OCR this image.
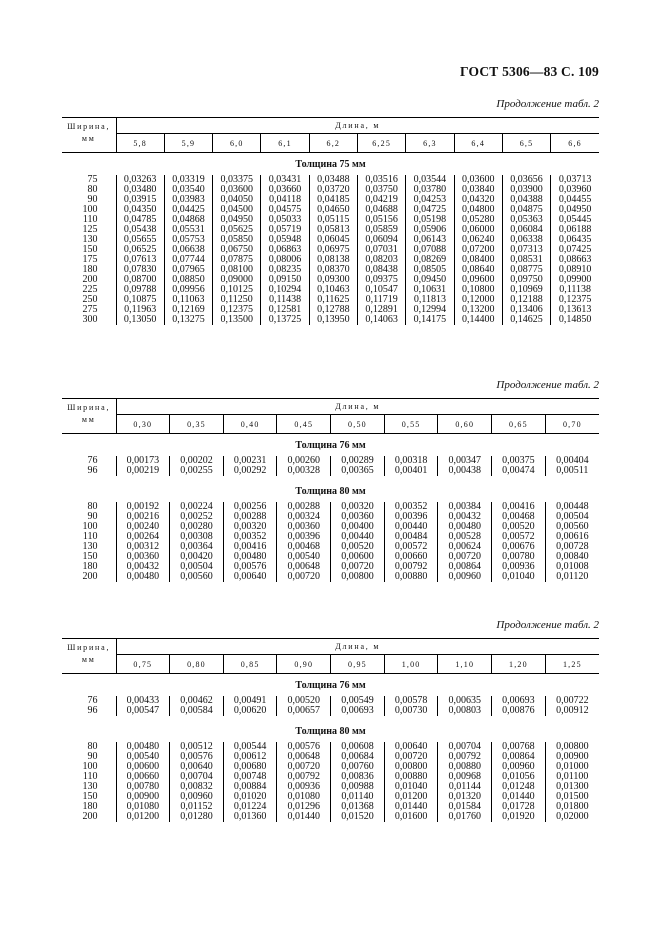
ГОСТ 5306—83 С. 109
Продолжение табл. 2
Ширина,
мм	Длина, м									
	5,8	5,9	6,0	6,1	6,2	6,25	6,3	6,4	6,5	6,6
Толщина 75 мм										
75	0,03263	0,03319	0,03375	0,03431	0,03488	0,03516	0,03544	0,03600	0,03656	0,03713
80	0,03480	0,03540	0,03600	0,03660	0,03720	0,03750	0,03780	0,03840	0,03900	0,03960
90	0,03915	0,03983	0,04050	0,04118	0,04185	0,04219	0,04253	0,04320	0,04388	0,04455
100	0,04350	0,04425	0,04500	0,04575	0,04650	0,04688	0,04725	0,04800	0,04875	0,04950
110	0,04785	0,04868	0,04950	0,05033	0,05115	0,05156	0,05198	0,05280	0,05363	0,05445
125	0,05438	0,05531	0,05625	0,05719	0,05813	0,05859	0,05906	0,06000	0,06084	0,06188
130	0,05655	0,05753	0,05850	0,05948	0,06045	0,06094	0,06143	0,06240	0,06338	0,06435
150	0,06525	0,06638	0,06750	0,06863	0,06975	0,07031	0,07088	0,07200	0,07313	0,07425
175	0,07613	0,07744	0,07875	0,08006	0,08138	0,08203	0,08269	0,08400	0,08531	0,08663
180	0,07830	0,07965	0,08100	0,08235	0,08370	0,08438	0,08505	0,08640	0,08775	0,08910
200	0,08700	0,08850	0,09000	0,09150	0,09300	0,09375	0,09450	0,09600	0,09750	0,09900
225	0,09788	0,09956	0,10125	0,10294	0,10463	0,10547	0,10631	0,10800	0,10969	0,11138
250	0,10875	0,11063	0,11250	0,11438	0,11625	0,11719	0,11813	0,12000	0,12188	0,12375
275	0,11963	0,12169	0,12375	0,12581	0,12788	0,12891	0,12994	0,13200	0,13406	0,13613
300	0,13050	0,13275	0,13500	0,13725	0,13950	0,14063	0,14175	0,14400	0,14625	0,14850
Продолжение табл. 2
Ширина,
мм	Длина, м								
	0,30	0,35	0,40	0,45	0,50	0,55	0,60	0,65	0,70
Толщина 76 мм									
76	0,00173	0,00202	0,00231	0,00260	0,00289	0,00318	0,00347	0,00375	0,00404
96	0,00219	0,00255	0,00292	0,00328	0,00365	0,00401	0,00438	0,00474	0,00511

Толщина 80 мм									
80	0,00192	0,00224	0,00256	0,00288	0,00320	0,00352	0,00384	0,00416	0,00448
90	0,00216	0,00252	0,00288	0,00324	0,00360	0,00396	0,00432	0,00468	0,00504
100	0,00240	0,00280	0,00320	0,00360	0,00400	0,00440	0,00480	0,00520	0,00560
110	0,00264	0,00308	0,00352	0,00396	0,00440	0,00484	0,00528	0,00572	0,00616
130	0,00312	0,00364	0,00416	0,00468	0,00520	0,00572	0,00624	0,00676	0,00728
150	0,00360	0,00420	0,00480	0,00540	0,00600	0,00660	0,00720	0,00780	0,00840
180	0,00432	0,00504	0,00576	0,00648	0,00720	0,00792	0,00864	0,00936	0,01008
200	0,00480	0,00560	0,00640	0,00720	0,00800	0,00880	0,00960	0,01040	0,01120
Продолжение табл. 2
Ширина,
мм	Длина, м								
	0,75	0,80	0,85	0,90	0,95	1,00	1,10	1,20	1,25
Толщина 76 мм									
76	0,00433	0,00462	0,00491	0,00520	0,00549	0,00578	0,00635	0,00693	0,00722
96	0,00547	0,00584	0,00620	0,00657	0,00693	0,00730	0,00803	0,00876	0,00912

Толщина 80 мм									
80	0,00480	0,00512	0,00544	0,00576	0,00608	0,00640	0,00704	0,00768	0,00800
90	0,00540	0,00576	0,00612	0,00648	0,00684	0,00720	0,00792	0,00864	0,00900
100	0,00600	0,00640	0,00680	0,00720	0,00760	0,00800	0,00880	0,00960	0,01000
110	0,00660	0,00704	0,00748	0,00792	0,00836	0,00880	0,00968	0,01056	0,01100
130	0,00780	0,00832	0,00884	0,00936	0,00988	0,01040	0,01144	0,01248	0,01300
150	0,00900	0,00960	0,01020	0,01080	0,01140	0,01200	0,01320	0,01440	0,01500
180	0,01080	0,01152	0,01224	0,01296	0,01368	0,01440	0,01584	0,01728	0,01800
200	0,01200	0,01280	0,01360	0,01440	0,01520	0,01600	0,01760	0,01920	0,02000
